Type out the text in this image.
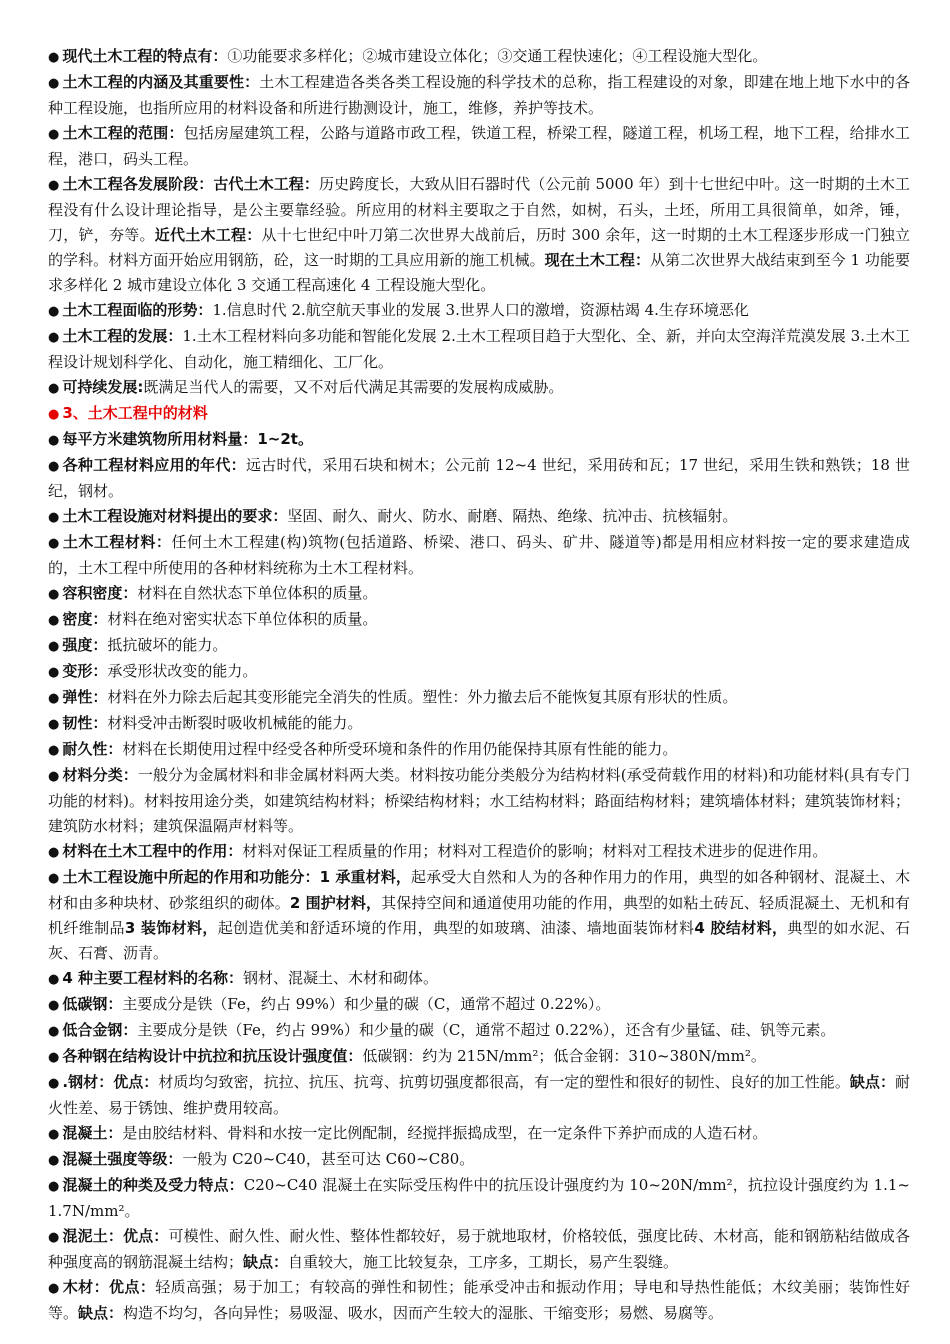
● 现代土木工程的特点有：①功能要求多样化；②城市建设立体化；③交通工程快速化；④工程设施大型化。

● 土木工程的内涵及其重要性：土木工程建造各类各类工程设施的科学技术的总称，指工程建设的对象，即建在地上地下水中的各种工程设施，也指所应用的材料设备和所进行勘测设计，施工，维修，养护等技术。

● 土木工程的范围：包括房屋建筑工程，公路与道路市政工程，铁道工程，桥梁工程，隧道工程，机场工程，地下工程，给排水工程，港口，码头工程。

● 土木工程各发展阶段：古代土木工程：历史跨度长，大致从旧石器时代（公元前 5000 年）到十七世纪中叶。这一时期的土木工程没有什么设计理论指导，是公主要靠经验。所应用的材料主要取之于自然，如树，石头，土坯，所用工具很简单，如斧，锤，刀，铲，夯等。近代土木工程：从十七世纪中叶刀第二次世界大战前后，历时 300 余年，这一时期的土木工程逐步形成一门独立的学科。材料方面开始应用钢筋，砼，这一时期的工具应用新的施工机械。现在土木工程：从第二次世界大战结束到至今 1 功能要求多样化 2 城市建设立体化 3 交通工程高速化 4 工程设施大型化。

● 土木工程面临的形势：1.信息时代 2.航空航天事业的发展 3.世界人口的激增，资源枯竭 4.生存环境恶化

● 土木工程的发展：1.土木工程材料向多功能和智能化发展 2.土木工程项目趋于大型化、全、新，并向太空海洋荒漠发展 3.土木工程设计规划科学化、自动化，施工精细化、工厂化。

● 可持续发展:既满足当代人的需要，又不对后代满足其需要的发展构成威胁。

● 3、土木工程中的材料

● 每平方米建筑物所用材料量：1~2t。

● 各种工程材料应用的年代：远古时代，采用石块和树木；公元前 12~4 世纪，采用砖和瓦；17 世纪，采用生铁和熟铁；18 世纪，钢材。

● 土木工程设施对材料提出的要求：坚固、耐久、耐火、防水、耐磨、隔热、绝缘、抗冲击、抗核辐射。

● 土木工程材料：任何土木工程建(构)筑物(包括道路、桥梁、港口、码头、矿井、隧道等)都是用相应材料按一定的要求建造成的，土木工程中所使用的各种材料统称为土木工程材料。

● 容积密度：材料在自然状态下单位体积的质量。

● 密度：材料在绝对密实状态下单位体积的质量。

● 强度：抵抗破坏的能力。

● 变形：承受形状改变的能力。

● 弹性：材料在外力除去后起其变形能完全消失的性质。塑性：外力撤去后不能恢复其原有形状的性质。

● 韧性：材料受冲击断裂时吸收机械能的能力。

● 耐久性：材料在长期使用过程中经受各种所受环境和条件的作用仍能保持其原有性能的能力。

● 材料分类：一般分为金属材料和非金属材料两大类。材料按功能分类般分为结构材料(承受荷载作用的材料)和功能材料(具有专门功能的材料)。材料按用途分类，如建筑结构材料；桥梁结构材料；水工结构材料；路面结构材料；建筑墙体材料；建筑装饰材料；建筑防水材料；建筑保温隔声材料等。

● 材料在土木工程中的作用：材料对保证工程质量的作用；材料对工程造价的影响；材料对工程技术进步的促进作用。

● 土木工程设施中所起的作用和功能分：1 承重材料，起承受大自然和人为的各种作用力的作用，典型的如各种钢材、混凝土、木材和由多种块材、砂浆组织的砌体。2 围护材料，其保持空间和通道使用功能的作用，典型的如粘土砖瓦、轻质混凝土、无机和有机纤维制品3 装饰材料，起创造优美和舒适环境的作用，典型的如玻璃、油漆、墙地面装饰材料4 胶结材料，典型的如水泥、石灰、石膏、沥青。

● 4 种主要工程材料的名称：钢材、混凝土、木材和砌体。

● 低碳钢：主要成分是铁（Fe，约占 99%）和少量的碳（C，通常不超过 0.22%）。

● 低合金钢：主要成分是铁（Fe，约占 99%）和少量的碳（C，通常不超过 0.22%），还含有少量锰、硅、钒等元素。

● 各种钢在结构设计中抗拉和抗压设计强度值：低碳钢：约为 215N/mm²；低合金钢：310~380N/mm²。

● .钢材：优点：材质均匀致密，抗拉、抗压、抗弯、抗剪切强度都很高，有一定的塑性和很好的韧性、良好的加工性能。缺点：耐火性差、易于锈蚀、维护费用较高。

● 混凝土：是由胶结材料、骨料和水按一定比例配制，经搅拌振捣成型，在一定条件下养护而成的人造石材。

● 混凝土强度等级：一般为 C20~C40，甚至可达 C60~C80。

● 混凝土的种类及受力特点：C20~C40 混凝土在实际受压构件中的抗压设计强度约为 10~20N/mm²，抗拉设计强度约为 1.1~1.7N/mm²。

● 混泥土：优点：可模性、耐久性、耐火性、整体性都较好，易于就地取材，价格较低，强度比砖、木材高，能和钢筋粘结做成各种强度高的钢筋混凝土结构；缺点：自重较大，施工比较复杂，工序多，工期长，易产生裂缝。

● 木材：优点：轻质高强；易于加工；有较高的弹性和韧性；能承受冲击和振动作用；导电和导热性能低；木纹美丽；装饰性好等。缺点：构造不均匀，各向异性；易吸湿、吸水，因而产生较大的湿胀、干缩变形；易燃、易腐等。
